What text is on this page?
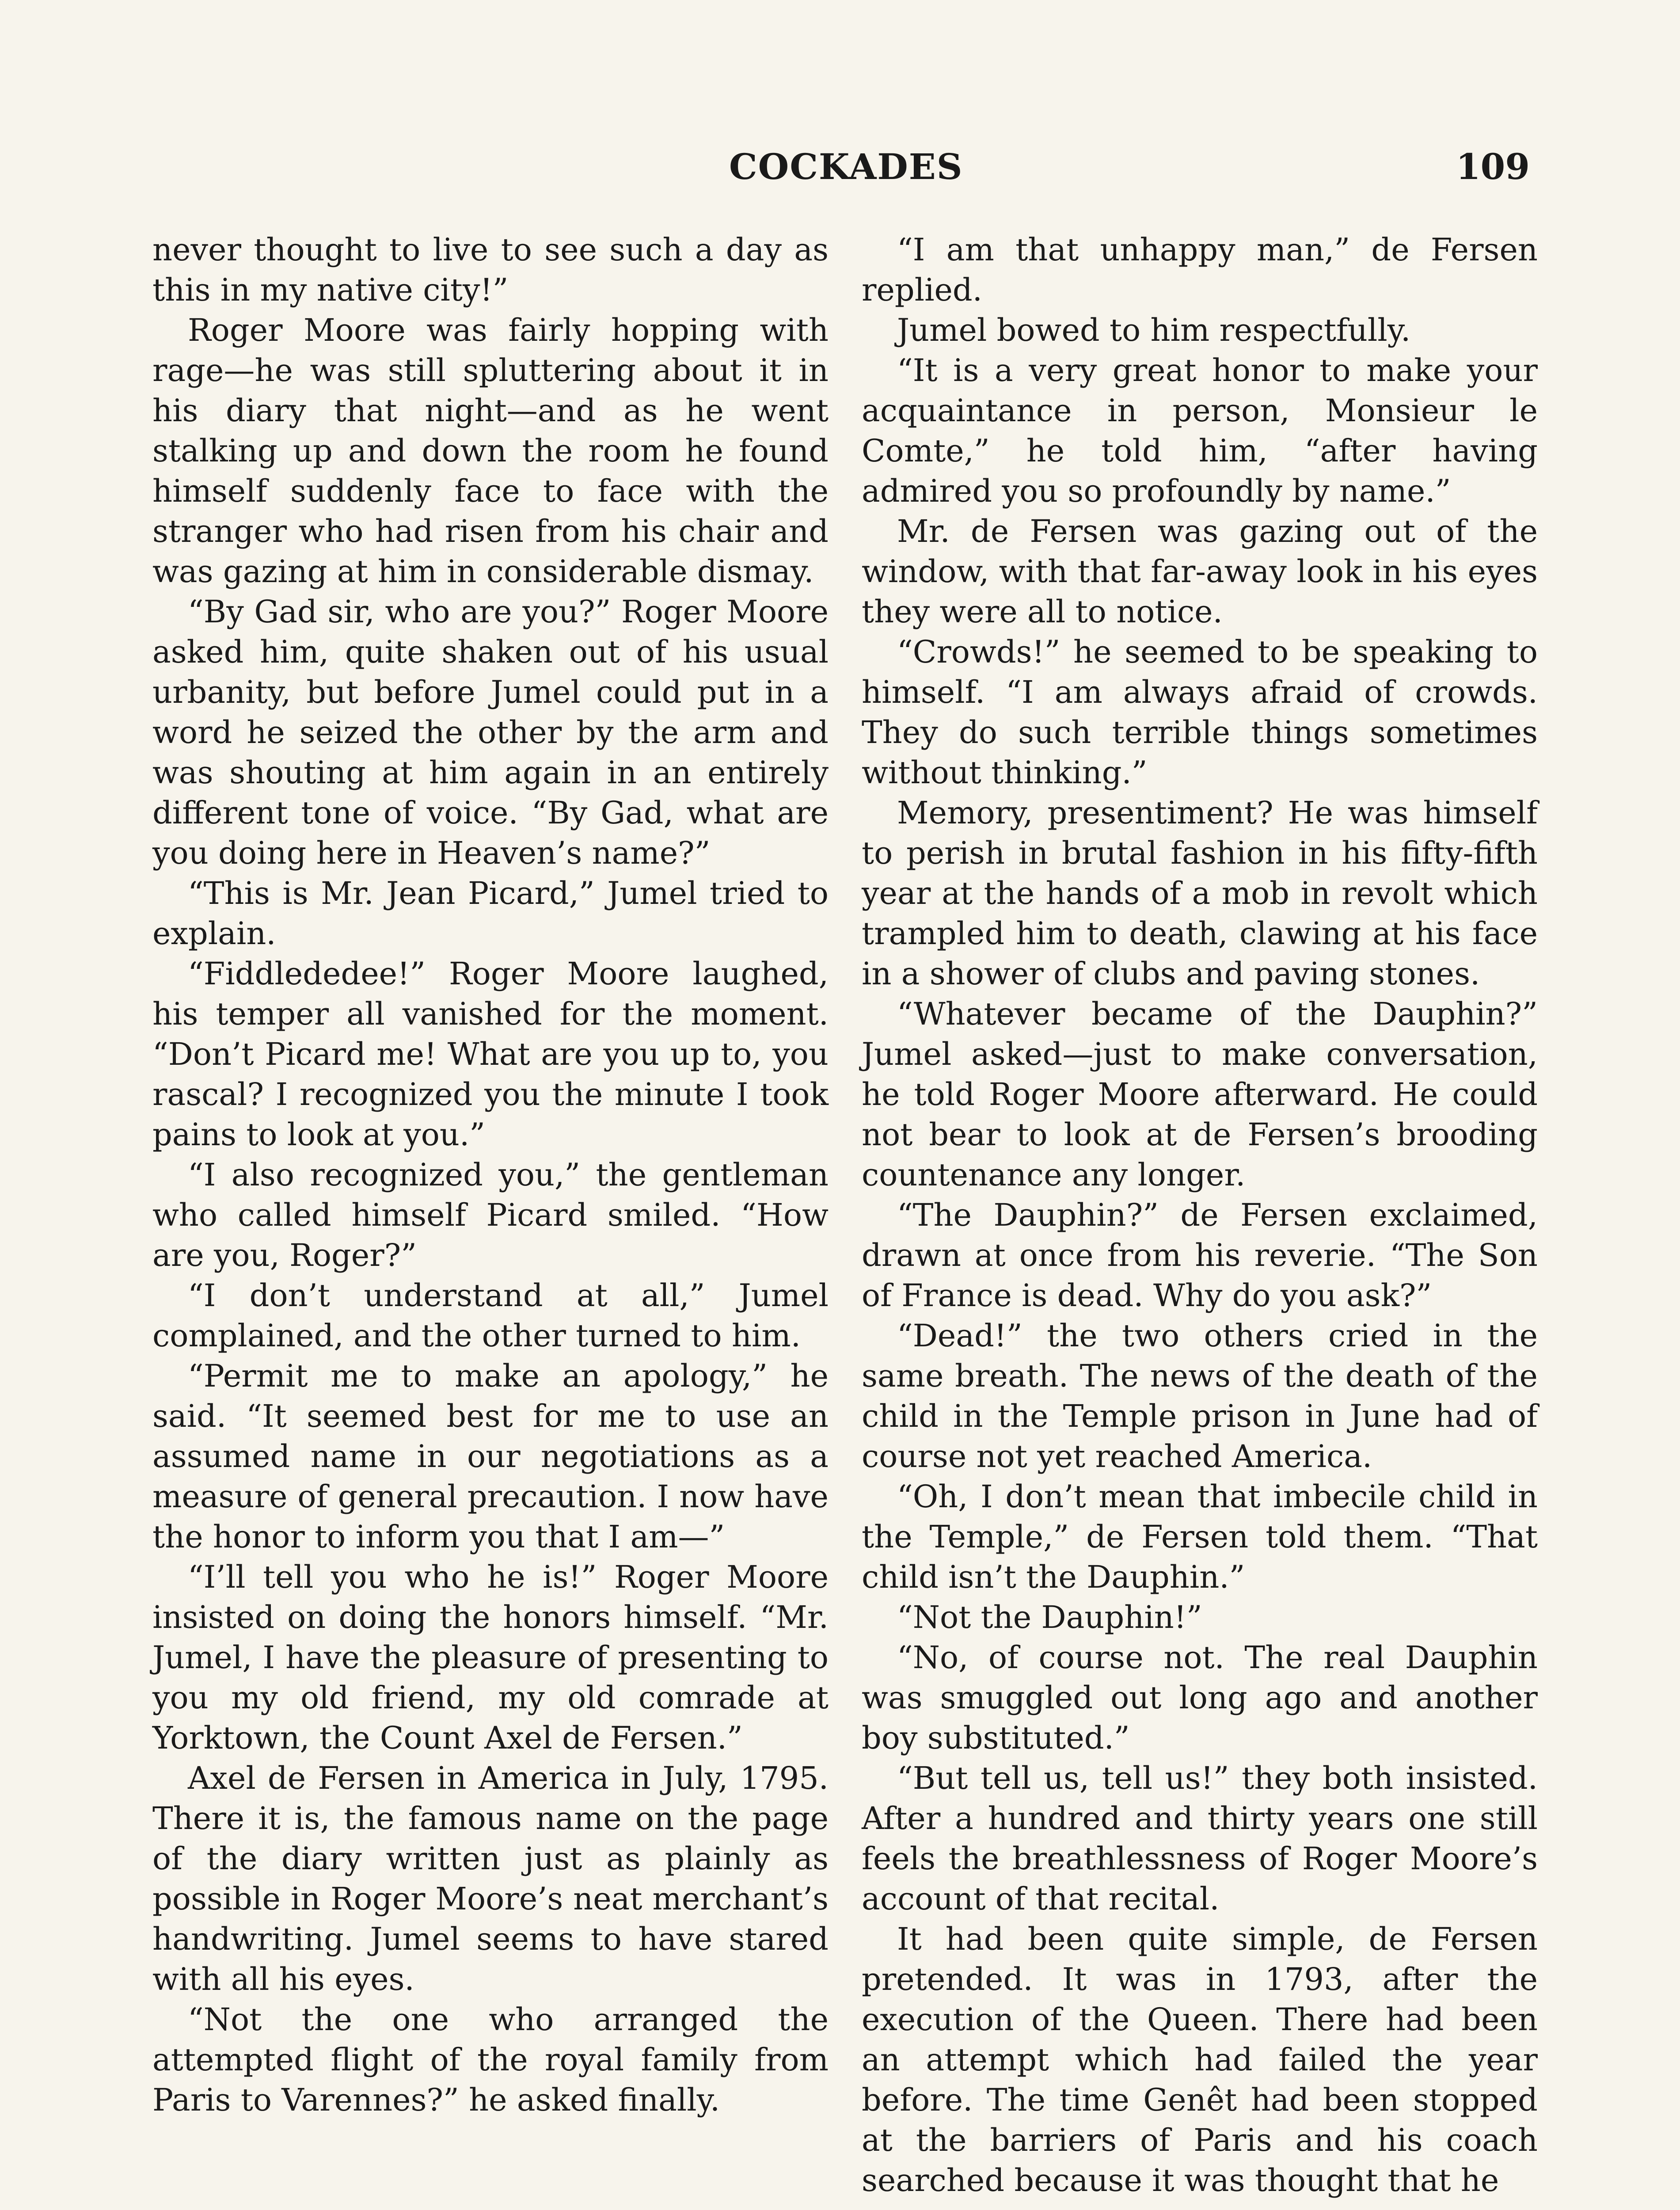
COCKADES	109

never thought to live to see such a day as this in my native city!”

Roger Moore was fairly hopping with rage—he was still spluttering about it in his diary that night—and as he went stalking up and down the room he found himself suddenly face to face with the stranger who had risen from his chair and was gazing at him in considerable dismay.

“By Gad sir, who are you?” Roger Moore asked him, quite shaken out of his usual urbanity, but before Jumel could put in a word he seized the other by the arm and was shouting at him again in an entirely different tone of voice. “By Gad, what are you doing here in Heaven’s name?”

“This is Mr. Jean Picard,” Jumel tried to explain.

“Fiddlededee!” Roger Moore laughed, his temper all vanished for the moment. “Don’t Picard me! What are you up to, you rascal? I recognized you the minute I took pains to look at you.”

“I also recognized you,” the gentleman who called himself Picard smiled. “How are you, Roger?”

“I don’t understand at all,” Jumel complained, and the other turned to him.

“Permit me to make an apology,” he said. “It seemed best for me to use an assumed name in our negotiations as a measure of general precaution. I now have the honor to inform you that I am—”

“I’ll tell you who he is!” Roger Moore insisted on doing the honors himself. “Mr. Jumel, I have the pleasure of presenting to you my old friend, my old comrade at Yorktown, the Count Axel de Fersen.”

Axel de Fersen in America in July, 1795. There it is, the famous name on the page of the diary written just as plainly as possible in Roger Moore’s neat merchant’s handwriting. Jumel seems to have stared with all his eyes.

“Not the one who arranged the attempted flight of the royal family from Paris to Varennes?” he asked finally.

“I am that unhappy man,” de Fersen replied.

Jumel bowed to him respectfully.

“It is a very great honor to make your acquaintance in person, Monsieur le Comte,” he told him, “after having admired you so profoundly by name.”

Mr. de Fersen was gazing out of the window, with that far-away look in his eyes they were all to notice.

“Crowds!” he seemed to be speaking to himself. “I am always afraid of crowds. They do such terrible things sometimes without thinking.”

Memory, presentiment? He was himself to perish in brutal fashion in his fifty-fifth year at the hands of a mob in revolt which trampled him to death, clawing at his face in a shower of clubs and paving stones.

“Whatever became of the Dauphin?” Jumel asked—just to make conversation, he told Roger Moore afterward. He could not bear to look at de Fersen’s brooding countenance any longer.

“The Dauphin?” de Fersen exclaimed, drawn at once from his reverie. “The Son of France is dead. Why do you ask?”

“Dead!” the two others cried in the same breath. The news of the death of the child in the Temple prison in June had of course not yet reached America.

“Oh, I don’t mean that imbecile child in the Temple,” de Fersen told them. “That child isn’t the Dauphin.”

“Not the Dauphin!”

“No, of course not. The real Dauphin was smuggled out long ago and another boy substituted.”

“But tell us, tell us!” they both insisted. After a hundred and thirty years one still feels the breathlessness of Roger Moore’s account of that recital.

It had been quite simple, de Fersen pretended. It was in 1793, after the execution of the Queen. There had been an attempt which had failed the year before. The time Genêt had been stopped at the barriers of Paris and his coach searched because it was thought that he
